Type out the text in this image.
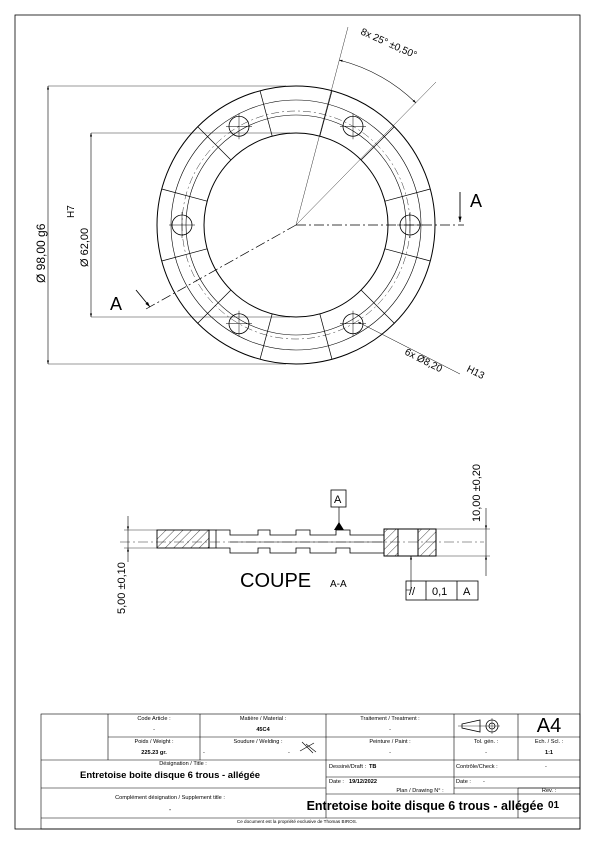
Ø 98,00 g6	Ø 62,00
H7
8x 25° ±0,50°
6x Ø8,20 H13
A
A
10,00 ±0,20
5,00 ±0,10
A
COUPE A-A
// 0,1 A
Code Article :
-
Matière / Material :
45C4
Traitement / Treatment :
-	A4
Poids / Weight :
225.23 gr.
Soudure / Welding :
-	-
Peinture / Paint :
-
Tol. gén. :
-
Ech. / Scl. :
1:1
Désignation / Title :
Entretoise boite disque 6 trous - allégée
Dessiné/Draft : TB	Contrôle/Check :	-
Date : 19/12/2022	Date : -
Complément désignation / Supplement title :
-
Plan / Drawing N° :	Rev. :
01
Entretoise boite disque 6 trous - allégée
Ce document est la propriété exclusive de Thomas BIROS.
